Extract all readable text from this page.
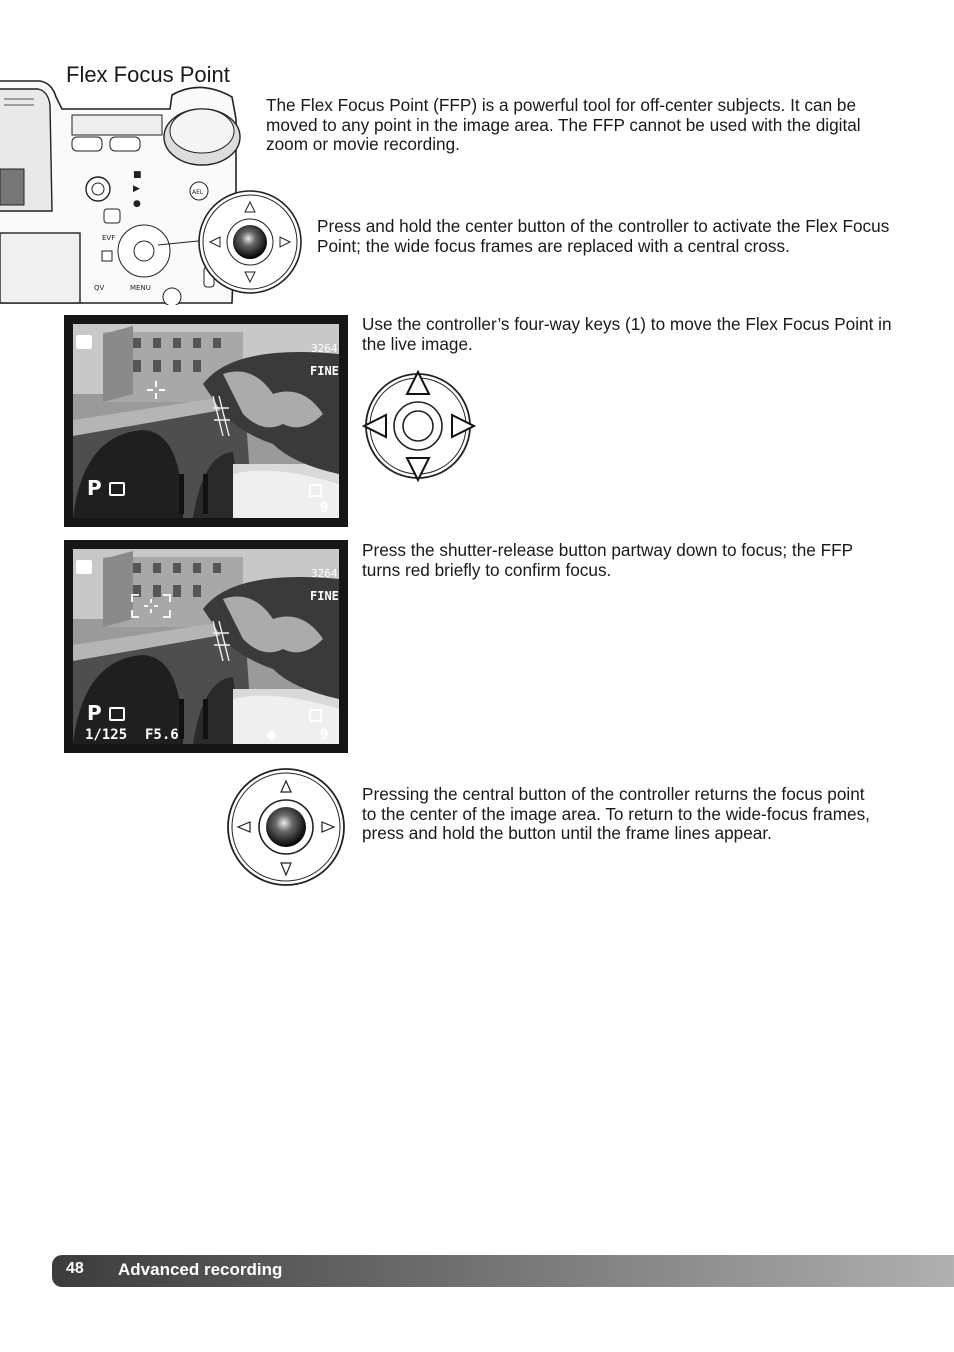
Flex Focus Point
■
▶
●
AEL
EVF
QV	MENU

The Flex Focus Point (FFP) is a powerful tool for off-center subjects. It can be moved to any point in the image area. The FFP cannot be used with the digital zoom or movie recording.

Press and hold the center button of the controller to activate the Flex Focus Point; the wide focus frames are replaced with a central cross.

3264
FINE
P
9

Use the controller’s four-way keys (1) to move the Flex Focus Point in the live image.

3264
FINE
P
1/125 F5.6	9

Press the shutter-release button partway down to focus; the FFP turns red briefly to confirm focus.

Pressing the central button of the controller returns the focus point to the center of the image area. To return to the wide-focus frames, press and hold the button until the frame lines appear.

48 Advanced recording
